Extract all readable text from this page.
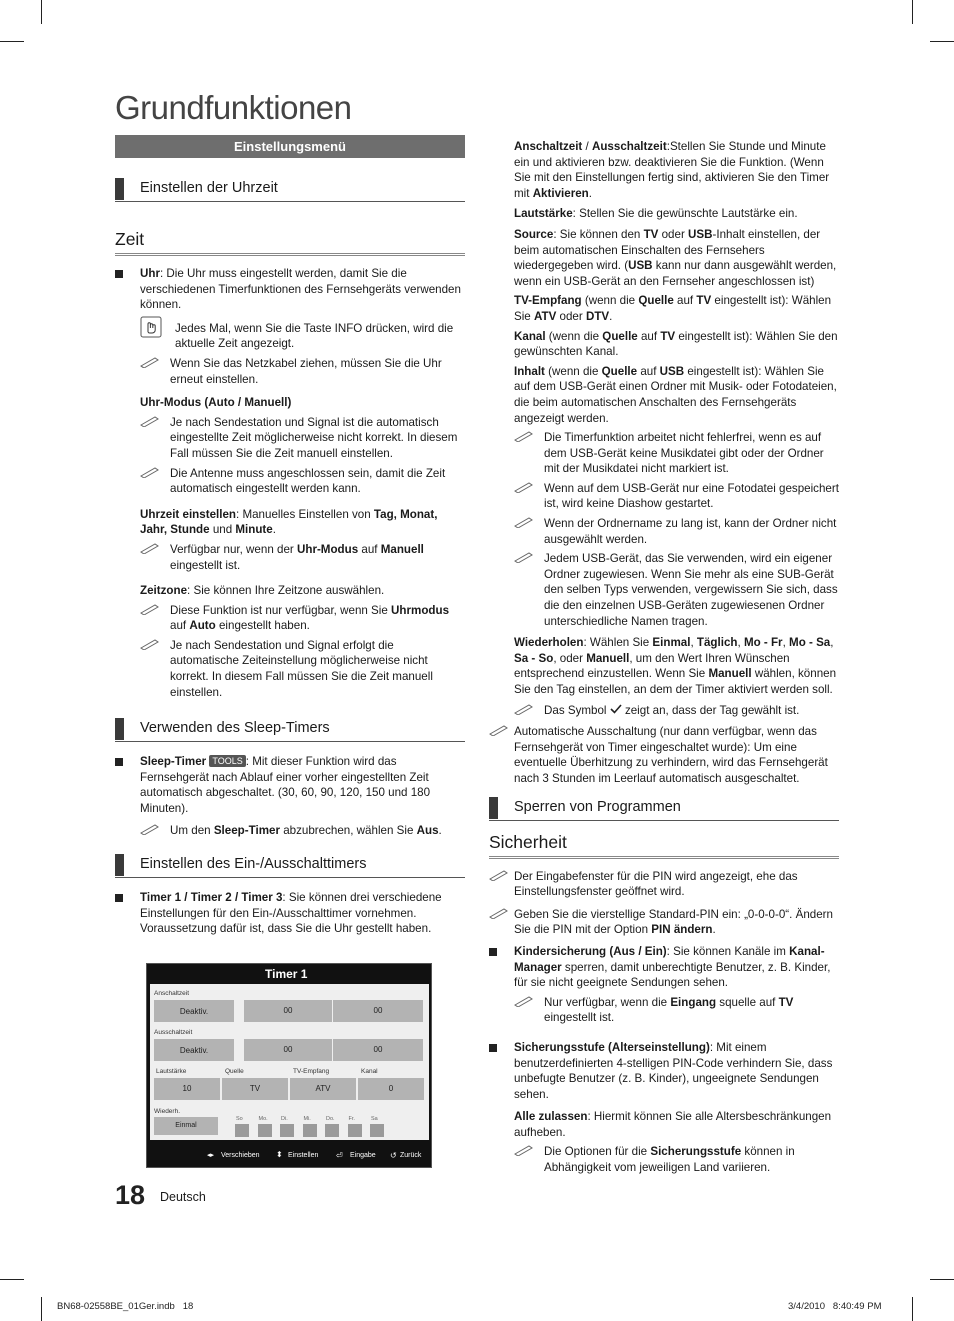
Grundfunktionen
Einstellungsmenü
Einstellen der Uhrzeit
Zeit
Uhr: Die Uhr muss eingestellt werden, damit Sie die verschiedenen Timerfunktionen des Fernsehgeräts verwenden können.
Jedes Mal, wenn Sie die Taste INFO drücken, wird die aktuelle Zeit angezeigt.
Wenn Sie das Netzkabel ziehen, müssen Sie die Uhr erneut einstellen.
Uhr-Modus (Auto / Manuell)
Je nach Sendestation und Signal ist die automatisch eingestellte Zeit möglicherweise nicht korrekt. In diesem Fall müssen Sie die Zeit manuell einstellen.
Die Antenne muss angeschlossen sein, damit die Zeit automatisch eingestellt werden kann.
Uhrzeit einstellen: Manuelles Einstellen von Tag, Monat, Jahr, Stunde und Minute.
Verfügbar nur, wenn der Uhr-Modus auf Manuell eingestellt ist.
Zeitzone: Sie können Ihre Zeitzone auswählen.
Diese Funktion ist nur verfügbar, wenn Sie Uhrmodus auf Auto eingestellt haben.
Je nach Sendestation und Signal erfolgt die automatische Zeiteinstellung möglicherweise nicht korrekt. In diesem Fall müssen Sie die Zeit manuell einstellen.
Verwenden des Sleep-Timers
Sleep-Timer TOOLS : Mit dieser Funktion wird das Fernsehgerät nach Ablauf einer vorher eingestellten Zeit automatisch abgeschaltet. (30, 60, 90, 120, 150 und 180 Minuten).
Um den Sleep-Timer abzubrechen, wählen Sie Aus.
Einstellen des Ein-/Ausschalttimers
Timer 1 / Timer 2 / Timer 3: Sie können drei verschiedene Einstellungen für den Ein-/Ausschalttimer vornehmen. Voraussetzung dafür ist, dass Sie die Uhr gestellt haben.
Timer 1
Anschaltzeit
Deaktiv.	00	00
Ausschaltzeit
Deaktiv.	00	00
Lautstärke	Quelle	TV-Empfang	Kanal
10	TV	ATV	0
Wiederh.
Einmal
So	Mo. Di.	Mi.	Do.	Fr.	Sa
◂▸ Verschieben ⬍ Einstellen ⏎ Eingabe ↺ Zurück
Anschaltzeit / Ausschaltzeit:Stellen Sie Stunde und Minute ein und aktivieren bzw. deaktivieren Sie die Funktion. (Wenn Sie mit den Einstellungen fertig sind, aktivieren Sie den Timer mit Aktivieren.
Lautstärke: Stellen Sie die gewünschte Lautstärke ein.
Source: Sie können den TV oder USB-Inhalt einstellen, der beim automatischen Einschalten des Fernsehers wiedergegeben wird. (USB kann nur dann ausgewählt werden, wenn ein USB-Gerät an den Fernseher angeschlossen ist)
TV-Empfang (wenn die Quelle auf TV eingestellt ist): Wählen Sie ATV oder DTV.
Kanal (wenn die Quelle auf TV eingestellt ist): Wählen Sie den gewünschten Kanal.
Inhalt (wenn die Quelle auf USB eingestellt ist): Wählen Sie auf dem USB-Gerät einen Ordner mit Musik- oder Fotodateien, die beim automatischen Anschalten des Fernsehgeräts angezeigt werden.
Die Timerfunktion arbeitet nicht fehlerfrei, wenn es auf dem USB-Gerät keine Musikdatei gibt oder der Ordner mit der Musikdatei nicht markiert ist.
Wenn auf dem USB-Gerät nur eine Fotodatei gespeichert ist, wird keine Diashow gestartet.
Wenn der Ordnername zu lang ist, kann der Ordner nicht ausgewählt werden.
Jedem USB-Gerät, das Sie verwenden, wird ein eigener Ordner zugewiesen. Wenn Sie mehr als eine SUB-Gerät den selben Typs verwenden, vergewissern Sie sich, dass die den einzelnen USB-Geräten zugewiesenen Ordner unterschiedliche Namen tragen.
Wiederholen: Wählen Sie Einmal, Täglich, Mo - Fr, Mo - Sa, Sa - So, oder Manuell, um den Wert Ihren Wünschen entsprechend einzustellen. Wenn Sie Manuell wählen, können Sie den Tag einstellen, an dem der Timer aktiviert werden soll.
Das Symbol  zeigt an, dass der Tag gewählt ist.
Automatische Ausschaltung (nur dann verfügbar, wenn das Fernsehgerät von Timer eingeschaltet wurde): Um eine eventuelle Überhitzung zu verhindern, wird das Fernsehgerät nach 3 Stunden im Leerlauf automatisch ausgeschaltet.
Sperren von Programmen
Sicherheit
Der Eingabefenster für die PIN wird angezeigt, ehe das Einstellungsfenster geöffnet wird.
Geben Sie die vierstellige Standard-PIN ein: „0-0-0-0“. Ändern Sie die PIN mit der Option PIN ändern.
Kindersicherung (Aus / Ein): Sie können Kanäle im Kanal-Manager sperren, damit unberechtigte Benutzer, z. B. Kinder, für sie nicht geeignete Sendungen sehen.
Nur verfügbar, wenn die Eingang squelle auf TV eingestellt ist.
Sicherungsstufe (Alterseinstellung): Mit einem benutzerdefinierten 4-stelligen PIN-Code verhindern Sie, dass unbefugte Benutzer (z. B. Kinder), ungeeignete Sendungen sehen.
Alle zulassen: Hiermit können Sie alle Altersbeschränkungen aufheben.
Die Optionen für die Sicherungsstufe können in Abhängigkeit vom jeweiligen Land variieren.
18 Deutsch
BN68-02558BE_01Ger.indb   18	3/4/2010   8:40:49 PM
